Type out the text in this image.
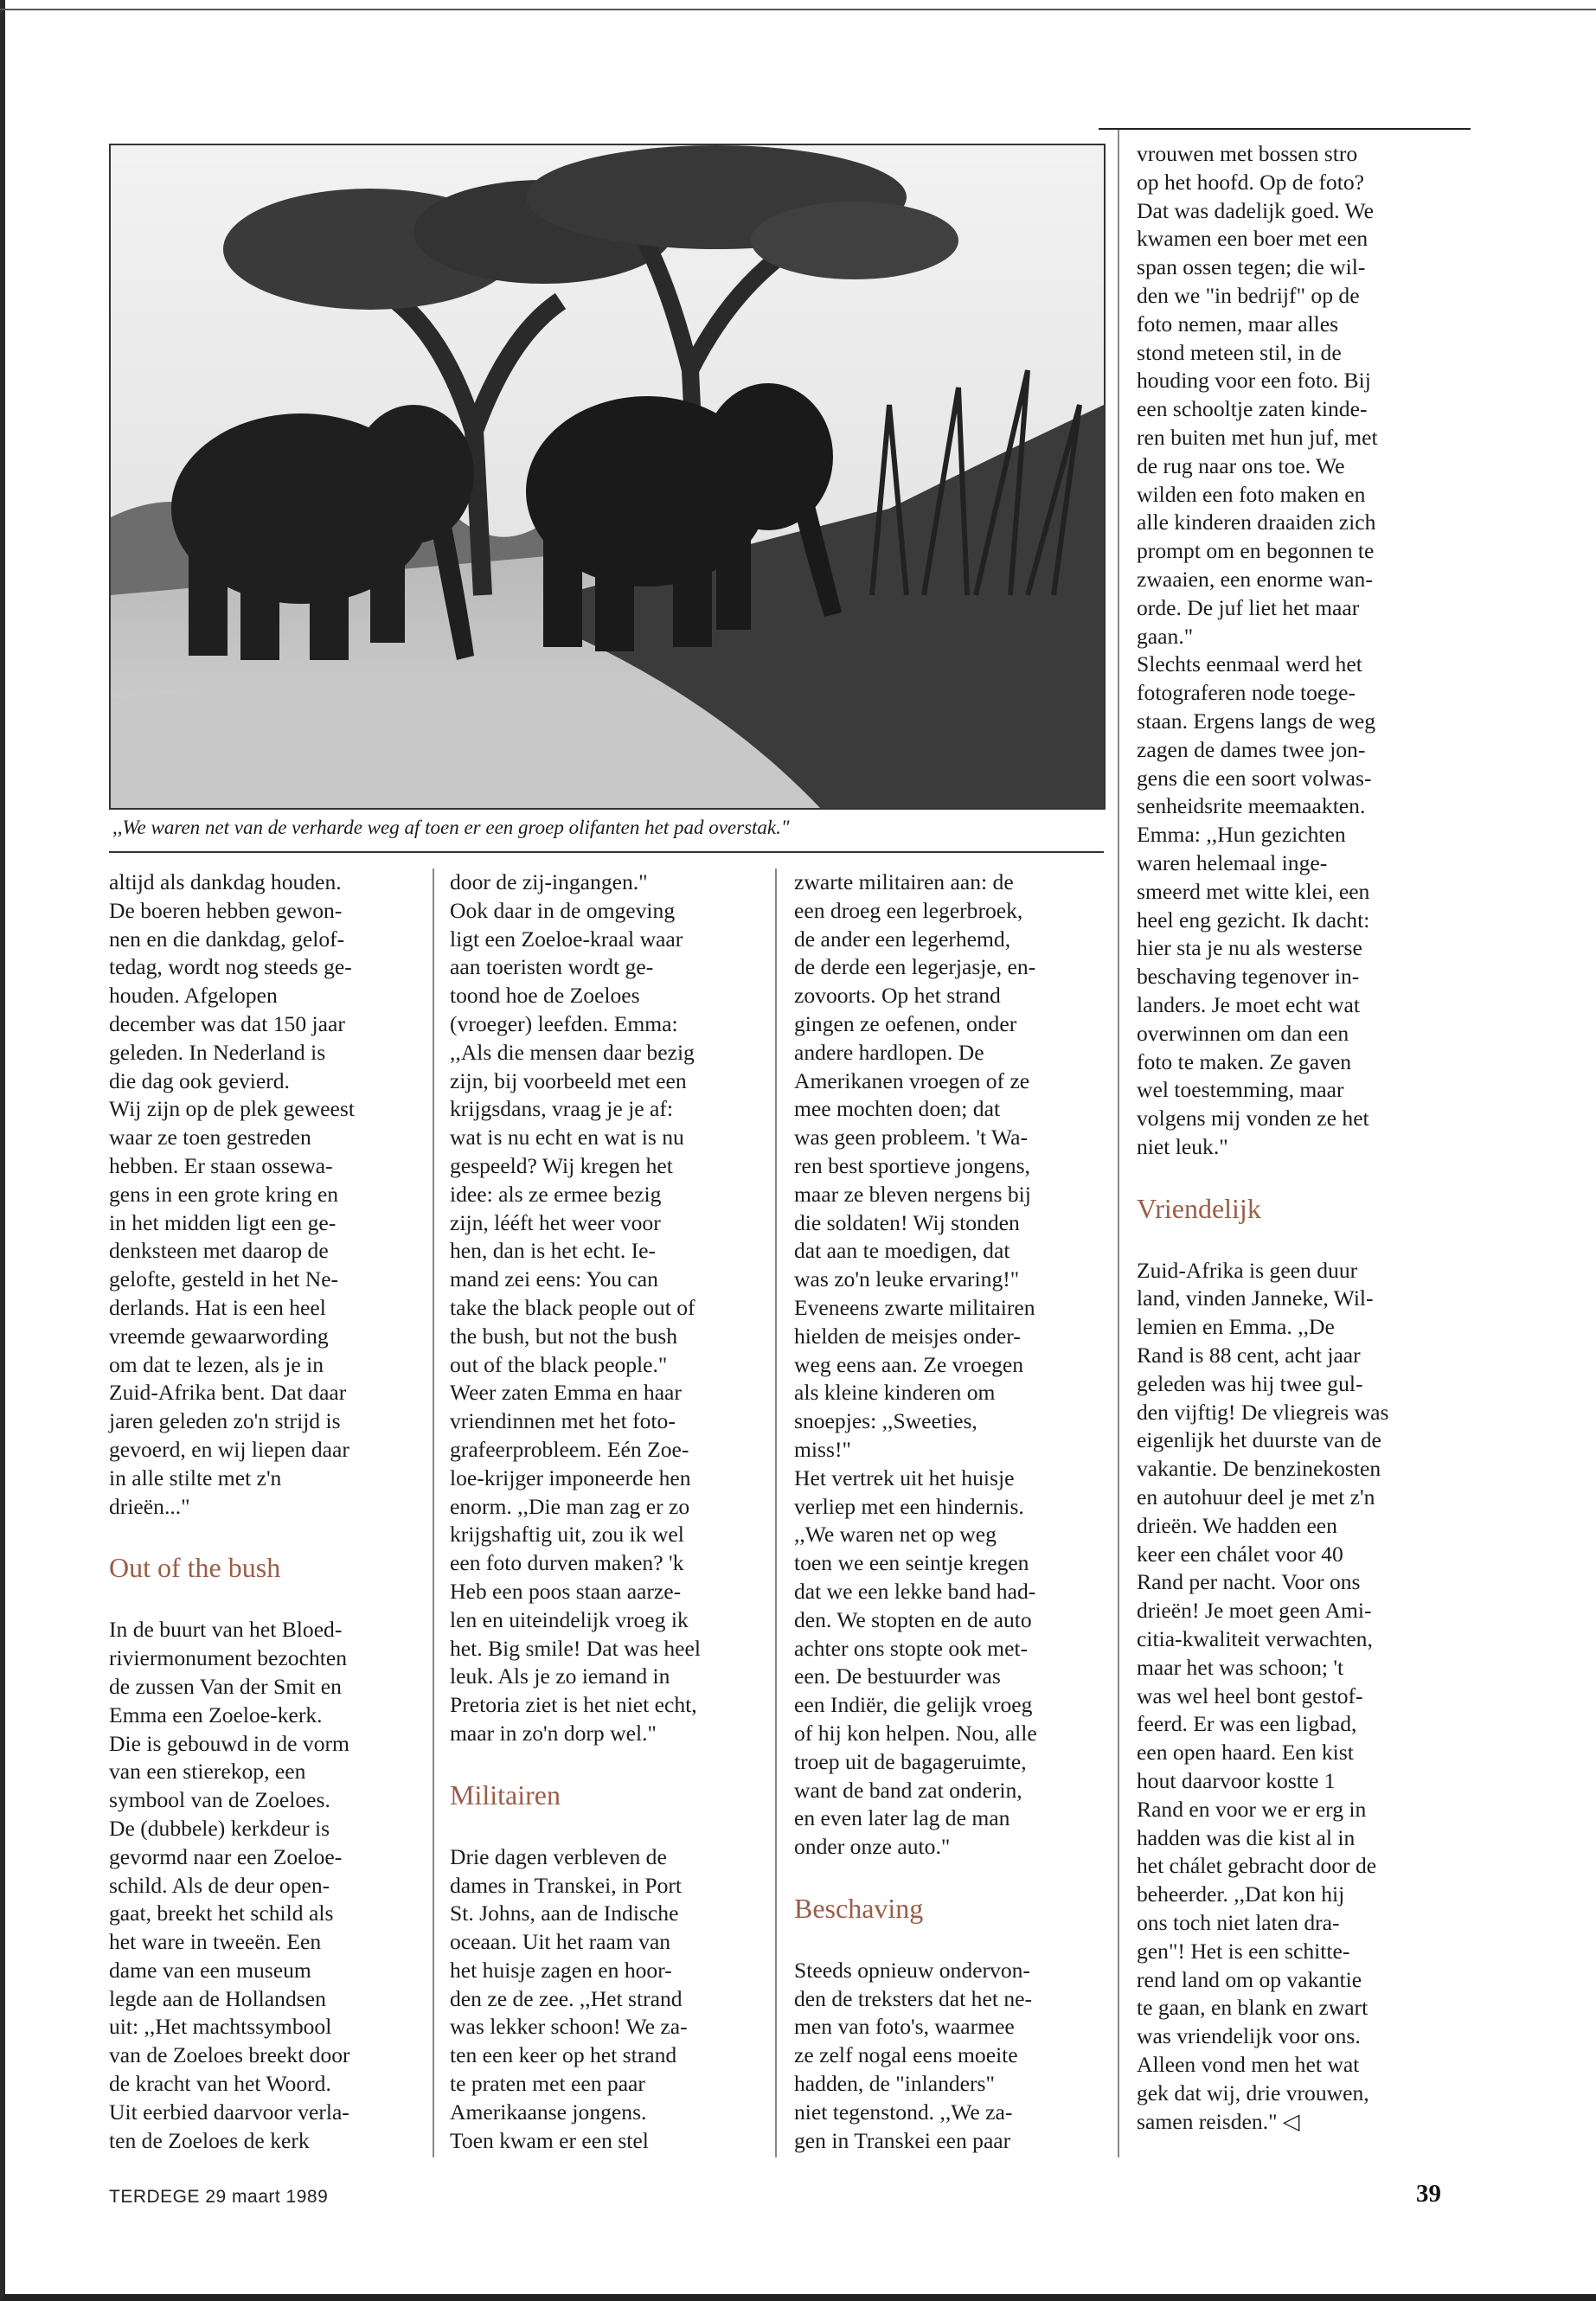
,,We waren net van de verharde weg af toen er een groep olifanten het pad overstak."

altijd als dankdag houden.
De boeren hebben gewon-
nen en die dankdag, gelof-
tedag, wordt nog steeds ge-
houden. Afgelopen
december was dat 150 jaar
geleden. In Nederland is
die dag ook gevierd.
Wij zijn op de plek geweest
waar ze toen gestreden
hebben. Er staan ossewa-
gens in een grote kring en
in het midden ligt een ge-
denksteen met daarop de
gelofte, gesteld in het Ne-
derlands. Hat is een heel
vreemde gewaarwording
om dat te lezen, als je in
Zuid-Afrika bent. Dat daar
jaren geleden zo'n strijd is
gevoerd, en wij liepen daar
in alle stilte met z'n
drieën..."

Out of the bush

In de buurt van het Bloed-
riviermonument bezochten
de zussen Van der Smit en
Emma een Zoeloe-kerk.
Die is gebouwd in de vorm
van een stierekop, een
symbool van de Zoeloes.
De (dubbele) kerkdeur is
gevormd naar een Zoeloe-
schild. Als de deur open-
gaat, breekt het schild als
het ware in tweeën. Een
dame van een museum
legde aan de Hollandsen
uit: ,,Het machtssymbool
van de Zoeloes breekt door
de kracht van het Woord.
Uit eerbied daarvoor verla-
ten de Zoeloes de kerk

door de zij-ingangen."
Ook daar in de omgeving
ligt een Zoeloe-kraal waar
aan toeristen wordt ge-
toond hoe de Zoeloes
(vroeger) leefden. Emma:
,,Als die mensen daar bezig
zijn, bij voorbeeld met een
krijgsdans, vraag je je af:
wat is nu echt en wat is nu
gespeeld? Wij kregen het
idee: als ze ermee bezig
zijn, lééft het weer voor
hen, dan is het echt. Ie-
mand zei eens: You can
take the black people out of
the bush, but not the bush
out of the black people."
Weer zaten Emma en haar
vriendinnen met het foto-
grafeerprobleem. Eén Zoe-
loe-krijger imponeerde hen
enorm. ,,Die man zag er zo
krijgshaftig uit, zou ik wel
een foto durven maken? 'k
Heb een poos staan aarze-
len en uiteindelijk vroeg ik
het. Big smile! Dat was heel
leuk. Als je zo iemand in
Pretoria ziet is het niet echt,
maar in zo'n dorp wel."

Militairen

Drie dagen verbleven de
dames in Transkei, in Port
St. Johns, aan de Indische
oceaan. Uit het raam van
het huisje zagen en hoor-
den ze de zee. ,,Het strand
was lekker schoon! We za-
ten een keer op het strand
te praten met een paar
Amerikaanse jongens.
Toen kwam er een stel

zwarte militairen aan: de
een droeg een legerbroek,
de ander een legerhemd,
de derde een legerjasje, en-
zovoorts. Op het strand
gingen ze oefenen, onder
andere hardlopen. De
Amerikanen vroegen of ze
mee mochten doen; dat
was geen probleem. 't Wa-
ren best sportieve jongens,
maar ze bleven nergens bij
die soldaten! Wij stonden
dat aan te moedigen, dat
was zo'n leuke ervaring!"
Eveneens zwarte militairen
hielden de meisjes onder-
weg eens aan. Ze vroegen
als kleine kinderen om
snoepjes: ,,Sweeties,
miss!"
Het vertrek uit het huisje
verliep met een hindernis.
,,We waren net op weg
toen we een seintje kregen
dat we een lekke band had-
den. We stopten en de auto
achter ons stopte ook met-
een. De bestuurder was
een Indiër, die gelijk vroeg
of hij kon helpen. Nou, alle
troep uit de bagageruimte,
want de band zat onderin,
en even later lag de man
onder onze auto."

Beschaving

Steeds opnieuw ondervon-
den de treksters dat het ne-
men van foto's, waarmee
ze zelf nogal eens moeite
hadden, de "inlanders"
niet tegenstond. ,,We za-
gen in Transkei een paar

vrouwen met bossen stro
op het hoofd. Op de foto?
Dat was dadelijk goed. We
kwamen een boer met een
span ossen tegen; die wil-
den we "in bedrijf" op de
foto nemen, maar alles
stond meteen stil, in de
houding voor een foto. Bij
een schooltje zaten kinde-
ren buiten met hun juf, met
de rug naar ons toe. We
wilden een foto maken en
alle kinderen draaiden zich
prompt om en begonnen te
zwaaien, een enorme wan-
orde. De juf liet het maar
gaan."
Slechts eenmaal werd het
fotograferen node toege-
staan. Ergens langs de weg
zagen de dames twee jon-
gens die een soort volwas-
senheidsrite meemaakten.
Emma: ,,Hun gezichten
waren helemaal inge-
smeerd met witte klei, een
heel eng gezicht. Ik dacht:
hier sta je nu als westerse
beschaving tegenover in-
landers. Je moet echt wat
overwinnen om dan een
foto te maken. Ze gaven
wel toestemming, maar
volgens mij vonden ze het
niet leuk."

Vriendelijk

Zuid-Afrika is geen duur
land, vinden Janneke, Wil-
lemien en Emma. ,,De
Rand is 88 cent, acht jaar
geleden was hij twee gul-
den vijftig! De vliegreis was
eigenlijk het duurste van de
vakantie. De benzinekosten
en autohuur deel je met z'n
drieën. We hadden een
keer een chálet voor 40
Rand per nacht. Voor ons
drieën! Je moet geen Ami-
citia-kwaliteit verwachten,
maar het was schoon; 't
was wel heel bont gestof-
feerd. Er was een ligbad,
een open haard. Een kist
hout daarvoor kostte 1
Rand en voor we er erg in
hadden was die kist al in
het chálet gebracht door de
beheerder. ,,Dat kon hij
ons toch niet laten dra-
gen"! Het is een schitte-
rend land om op vakantie
te gaan, en blank en zwart
was vriendelijk voor ons.
Alleen vond men het wat
gek dat wij, drie vrouwen,
samen reisden." ◁

TERDEGE 29 maart 1989	39
